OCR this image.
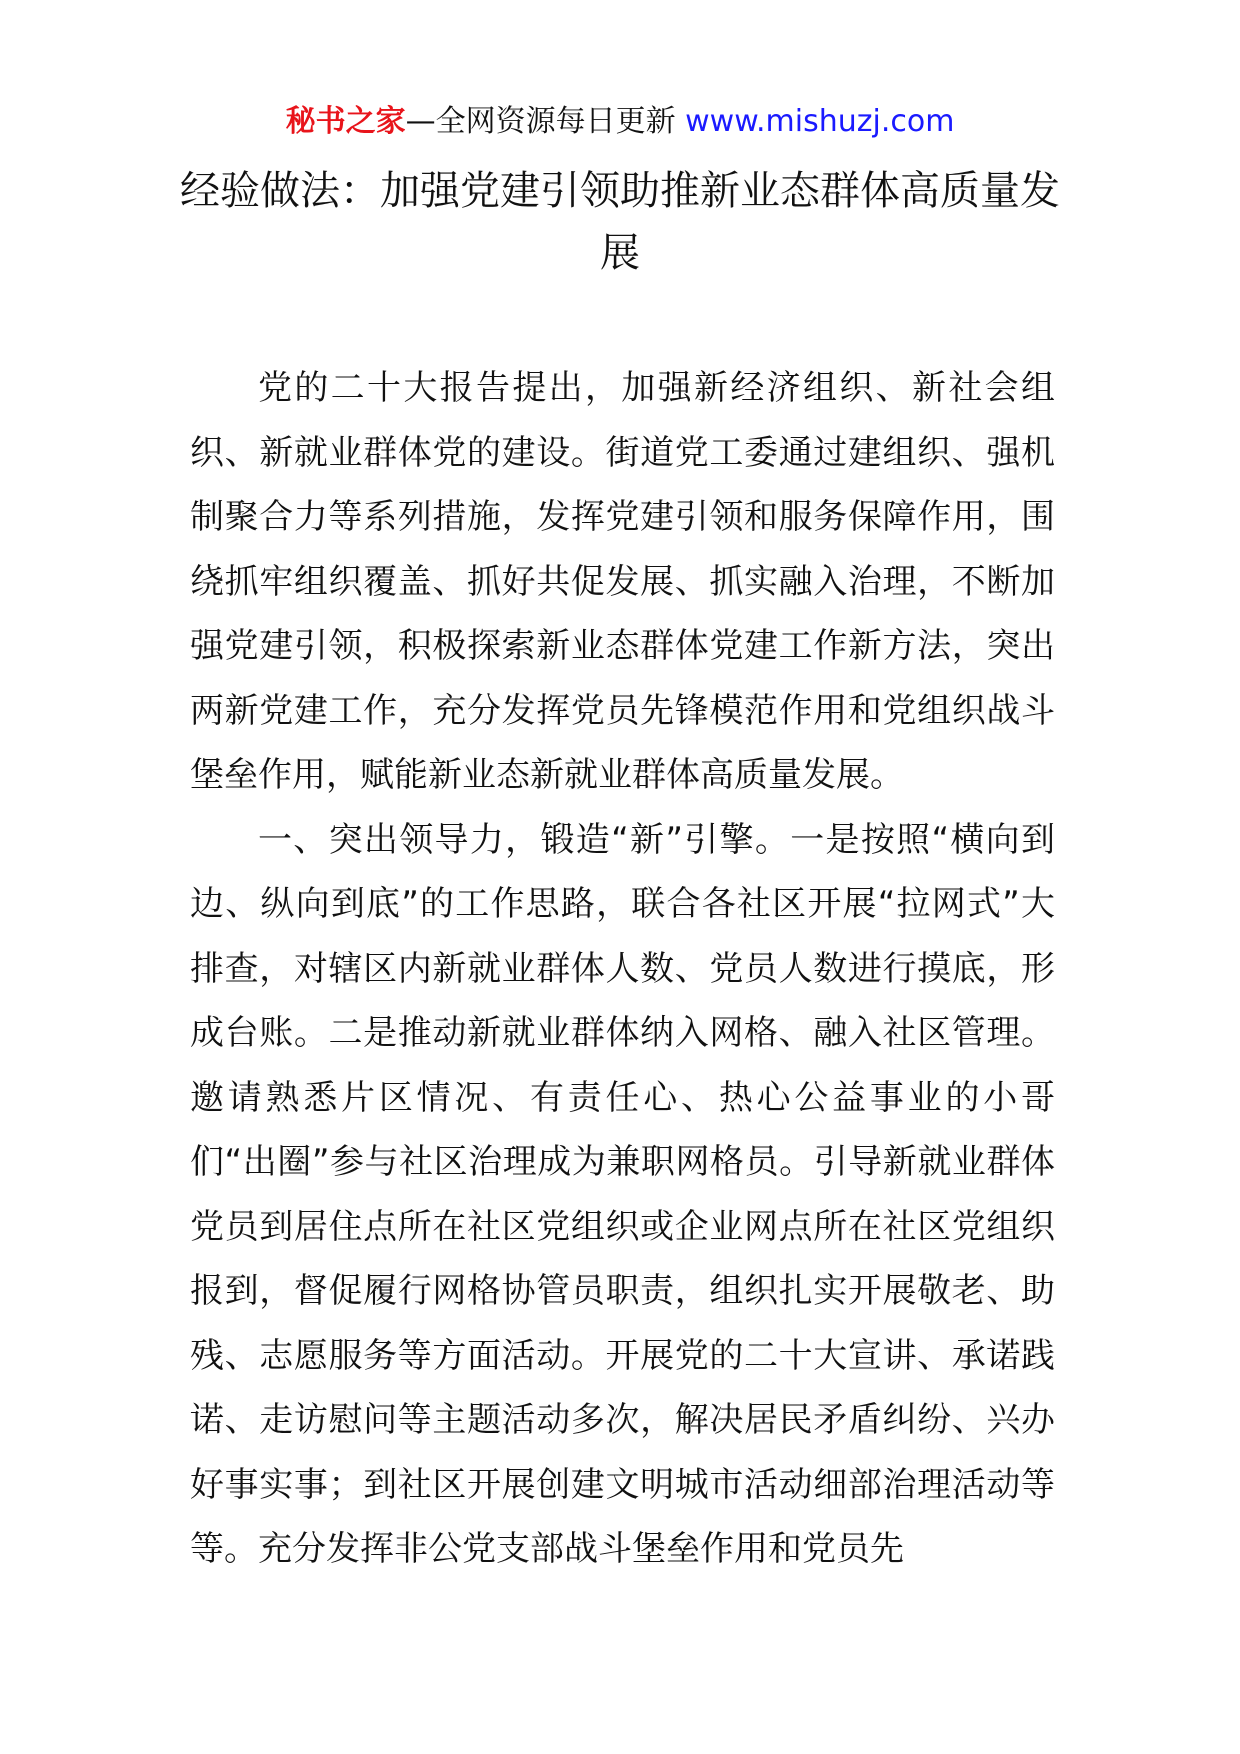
秘书之家—全网资源每日更新 www.mishuzj.com
经验做法：加强党建引领助推新业态群体高质量发展

党的二十大报告提出，加强新经济组织、新社会组织、新就业群体党的建设。街道党工委通过建组织、强机制聚合力等系列措施，发挥党建引领和服务保障作用，围绕抓牢组织覆盖、抓好共促发展、抓实融入治理，不断加强党建引领，积极探索新业态群体党建工作新方法，突出两新党建工作，充分发挥党员先锋模范作用和党组织战斗堡垒作用，赋能新业态新就业群体高质量发展。

一、突出领导力，锻造“新”引擎。一是按照“横向到边、纵向到底”的工作思路，联合各社区开展“拉网式”大排查，对辖区内新就业群体人数、党员人数进行摸底，形成台账。二是推动新就业群体纳入网格、融入社区管理。邀请熟悉片区情况、有责任心、热心公益事业的小哥们“出圈”参与社区治理成为兼职网格员。引导新就业群体党员到居住点所在社区党组织或企业网点所在社区党组织报到，督促履行网格协管员职责，组织扎实开展敬老、助残、志愿服务等方面活动。开展党的二十大宣讲、承诺践诺、走访慰问等主题活动多次，解决居民矛盾纠纷、兴办好事实事；到社区开展创建文明城市活动细部治理活动等等。充分发挥非公党支部战斗堡垒作用和党员先
